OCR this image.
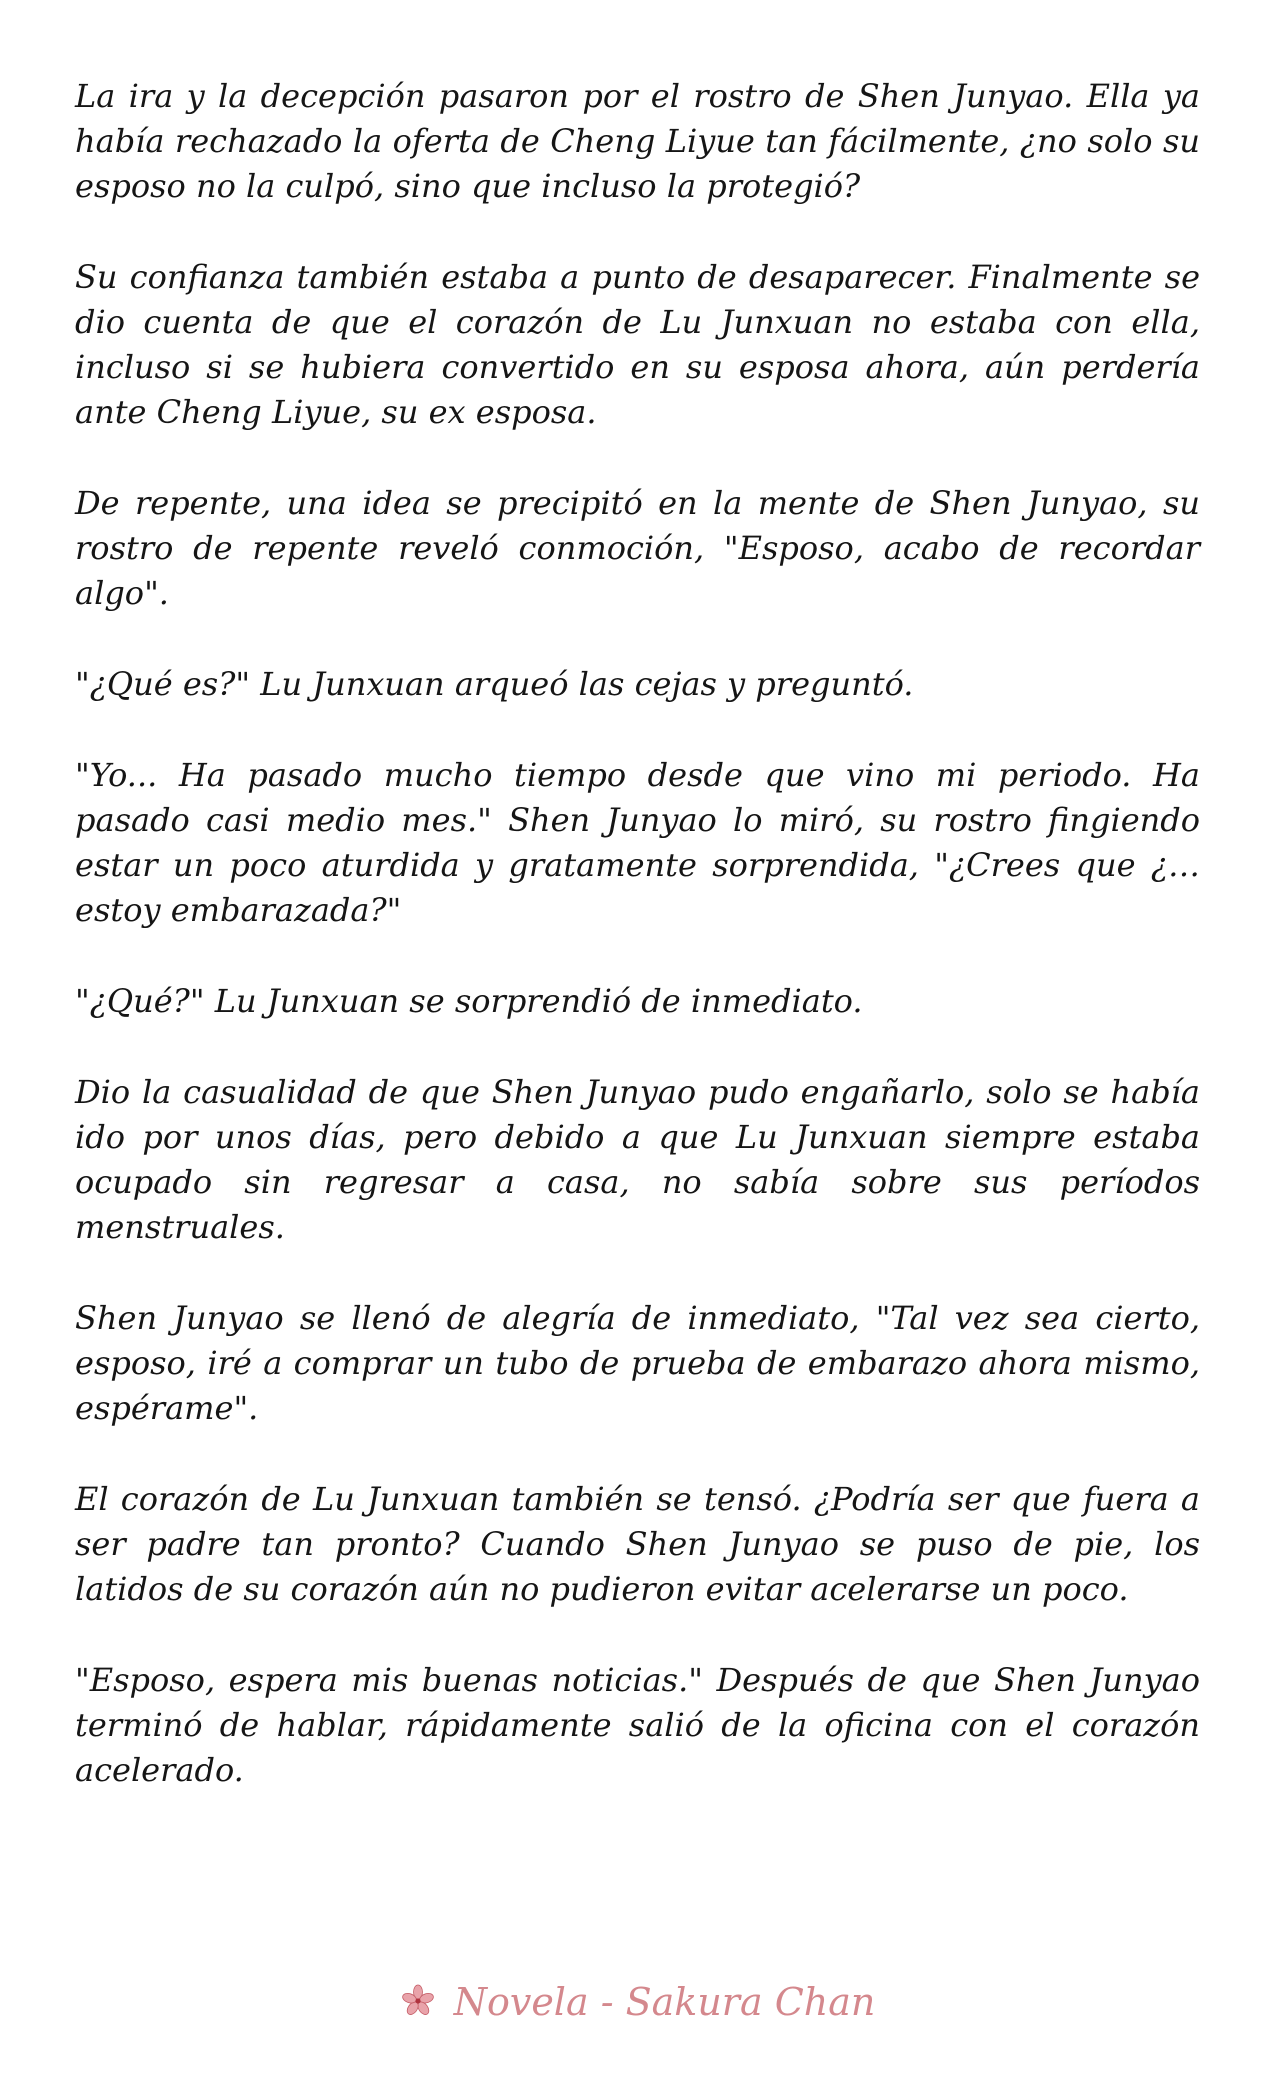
La ira y la decepción pasaron por el rostro de Shen Junyao. Ella ya había rechazado la oferta de Cheng Liyue tan fácilmente, ¿no solo su esposo no la culpó, sino que incluso la protegió?

Su confianza también estaba a punto de desaparecer. Finalmente se dio cuenta de que el corazón de Lu Junxuan no estaba con ella, incluso si se hubiera convertido en su esposa ahora, aún perdería ante Cheng Liyue, su ex esposa.

De repente, una idea se precipitó en la mente de Shen Junyao, su rostro de repente reveló conmoción, "Esposo, acabo de recordar algo".

"¿Qué es?" Lu Junxuan arqueó las cejas y preguntó.

"Yo... Ha pasado mucho tiempo desde que vino mi periodo. Ha pasado casi medio mes." Shen Junyao lo miró, su rostro fingiendo estar un poco aturdida y gratamente sorprendida, "¿Crees que ¿… estoy embarazada?"

"¿Qué?" Lu Junxuan se sorprendió de inmediato.

Dio la casualidad de que Shen Junyao pudo engañarlo, solo se había ido por unos días, pero debido a que Lu Junxuan siempre estaba ocupado sin regresar a casa, no sabía sobre sus períodos menstruales.

Shen Junyao se llenó de alegría de inmediato, "Tal vez sea cierto, esposo, iré a comprar un tubo de prueba de embarazo ahora mismo, espérame".

El corazón de Lu Junxuan también se tensó. ¿Podría ser que fuera a ser padre tan pronto? Cuando Shen Junyao se puso de pie, los latidos de su corazón aún no pudieron evitar acelerarse un poco.

"Esposo, espera mis buenas noticias." Después de que Shen Junyao terminó de hablar, rápidamente salió de la oficina con el corazón acelerado.

Novela - Sakura Chan
